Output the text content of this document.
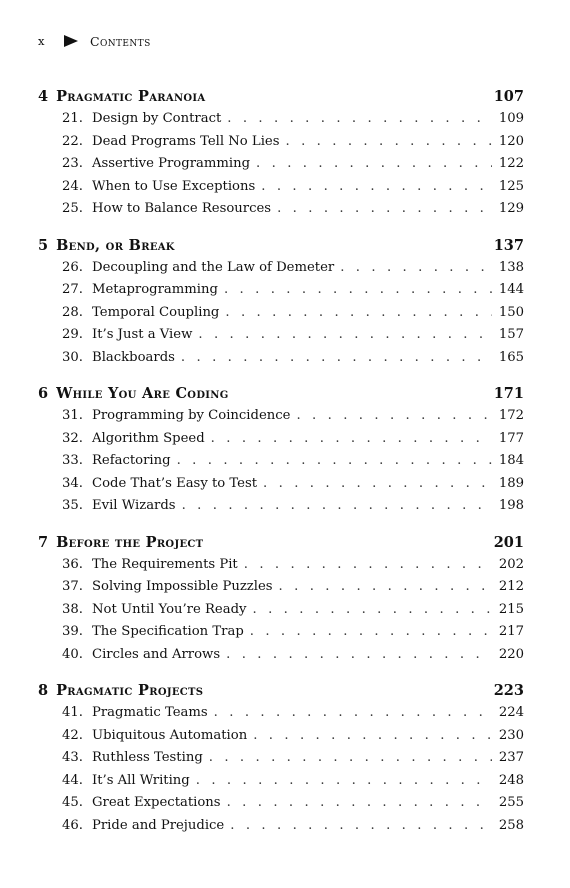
x	Contents
4 Pragmatic Paranoia	107
21. Design by Contract . . .	109
22. Dead Programs Tell No Lies . . .	120
23. Assertive Programming . . .	122
24. When to Use Exceptions . . .	125
25. How to Balance Resources . . .	129
5 Bend, or Break	137
26. Decoupling and the Law of Demeter . . .	138
27. Metaprogramming . . .	144
28. Temporal Coupling . . .	150
29. It’s Just a View . . .	157
30. Blackboards . . .	165
6 While You Are Coding	171
31. Programming by Coincidence . . .	172
32. Algorithm Speed . . .	177
33. Refactoring . . .	184
34. Code That’s Easy to Test . . .	189
35. Evil Wizards . . .	198
7 Before the Project	201
36. The Requirements Pit . . .	202
37. Solving Impossible Puzzles . . .	212
38. Not Until You’re Ready . . .	215
39. The Specification Trap . . .	217
40. Circles and Arrows . . .	220
8 Pragmatic Projects	223
41. Pragmatic Teams . . .	224
42. Ubiquitous Automation . . .	230
43. Ruthless Testing . . .	237
44. It’s All Writing . . .	248
45. Great Expectations . . .	255
46. Pride and Prejudice . . .	258
